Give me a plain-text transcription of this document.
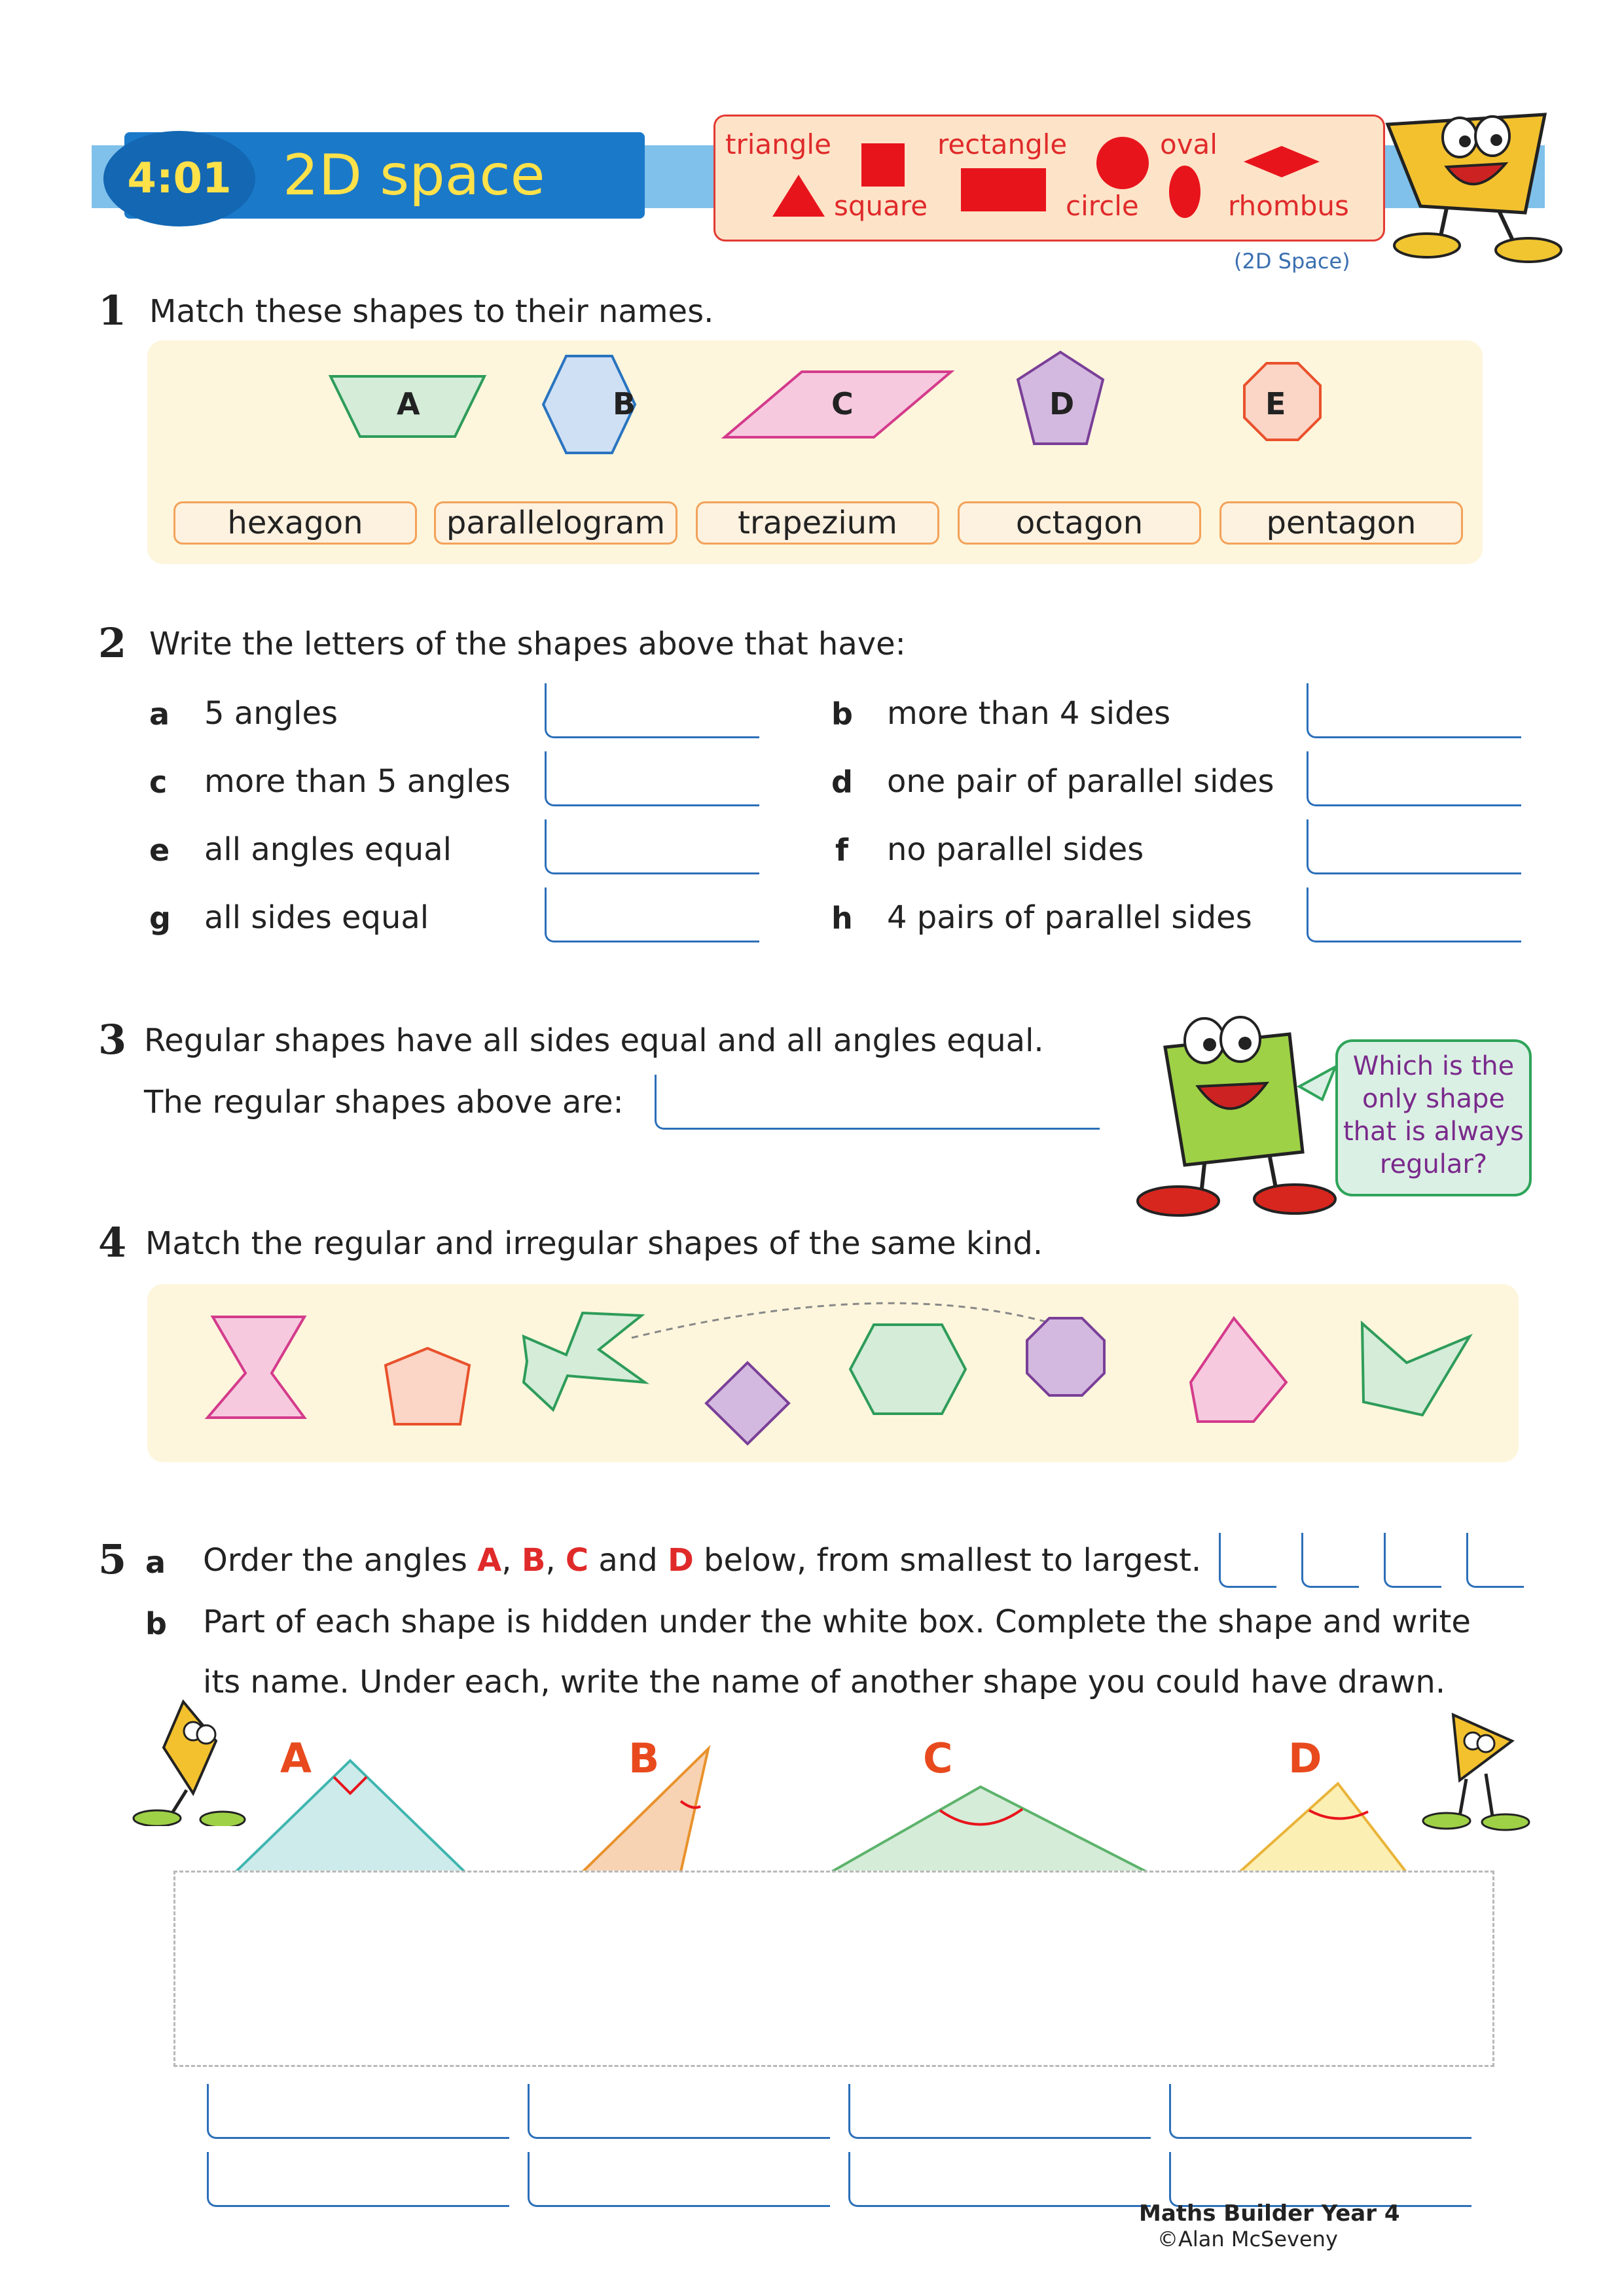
4:01 2D space	triangle
square
rectangle
circle
oval
rhombus
(2D Space)
1 Match these shapes to their names.
A	B	C	D	E
hexagon	parallelogram	trapezium	octagon	pentagon
2 Write the letters of the shapes above that have:
a 5 angles	b more than 4 sides
c more than 5 angles	d one pair of parallel sides
e all angles equal	f no parallel sides
g all sides equal	h 4 pairs of parallel sides
3 Regular shapes have all sides equal and all angles equal.
The regular shapes above are:
Which is the
only shape
that is always
regular?
4 Match the regular and irregular shapes of the same kind.
5 a Order the angles A, B, C and D below, from smallest to largest.
b Part of each shape is hidden under the white box. Complete the shape and write
its name. Under each, write the name of another shape you could have drawn.
A	B	C	D
Maths Builder Year 4
©Alan McSeveny
